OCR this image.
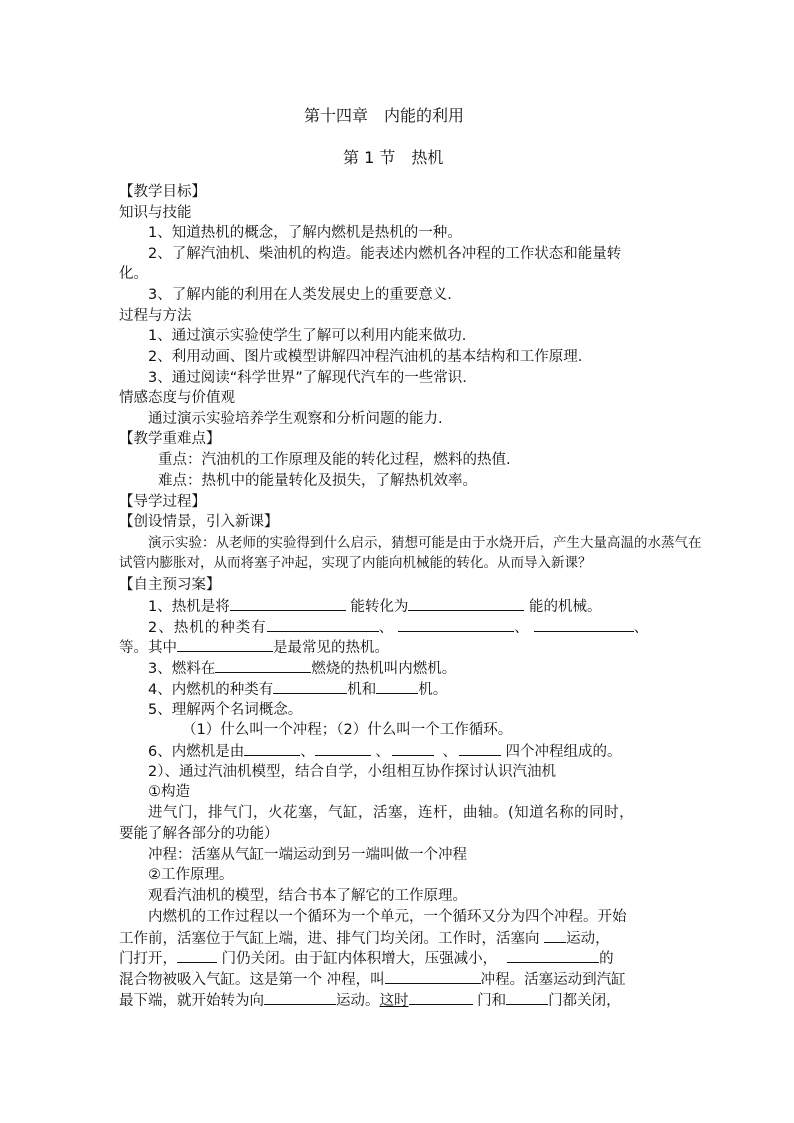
第十四章　内能的利用
第 1 节　热机
【教学目标】
知识与技能
1、知道热机的概念，了解内燃机是热机的一种。
2、了解汽油机、柴油机的构造。能表述内燃机各冲程的工作状态和能量转
化。
3、了解内能的利用在人类发展史上的重要意义.
过程与方法
1、通过演示实验使学生了解可以利用内能来做功.
2、利用动画、图片或模型讲解四冲程汽油机的基本结构和工作原理.
3、通过阅读“科学世界”了解现代汽车的一些常识.
情感态度与价值观
通过演示实验培养学生观察和分析问题的能力.
【教学重难点】
重点：汽油机的工作原理及能的转化过程，燃料的热值.
难点：热机中的能量转化及损失，了解热机效率。
【导学过程】
【创设情景，引入新课】
演示实验：从老师的实验得到什么启示，猜想可能是由于水烧开后，产生大量高温的水蒸气在
试管内膨胀对，从而将塞子冲起，实现了内能向机械能的转化。从而导入新课？
【自主预习案】
1、热机是将	能转化为	能的机械。
2、热机的种类有	、	、	、
等。其中	是最常见的热机。
3、燃料在	燃烧的热机叫内燃机。
4、内燃机的种类有	机和	机。
5、理解两个名词概念。
（1）什么叫一个冲程；（2）什么叫一个工作循环。
6、内燃机是由	、	、	、	四个冲程组成的。
2）、通过汽油机模型，结合自学，小组相互协作探讨认识汽油机
①构造
进气门，排气门，火花塞，气缸，活塞，连杆，曲轴。(知道名称的同时，
要能了解各部分的功能）
冲程：活塞从气缸一端运动到另一端叫做一个冲程
②工作原理。
观看汽油机的模型，结合书本了解它的工作原理。
内燃机的工作过程以一个循环为一个单元，一个循环又分为四个冲程。开始
工作前，活塞位于气缸上端，进、排气门均关闭。工作时，活塞向 运动，
门打开，	门仍关闭。由于缸内体积增大，压强减小，	的
混合物被吸入气缸。这是第一个 冲程，叫	冲程。活塞运动到汽缸
最下端，就开始转为向	运动。这时	门和	门都关闭，
